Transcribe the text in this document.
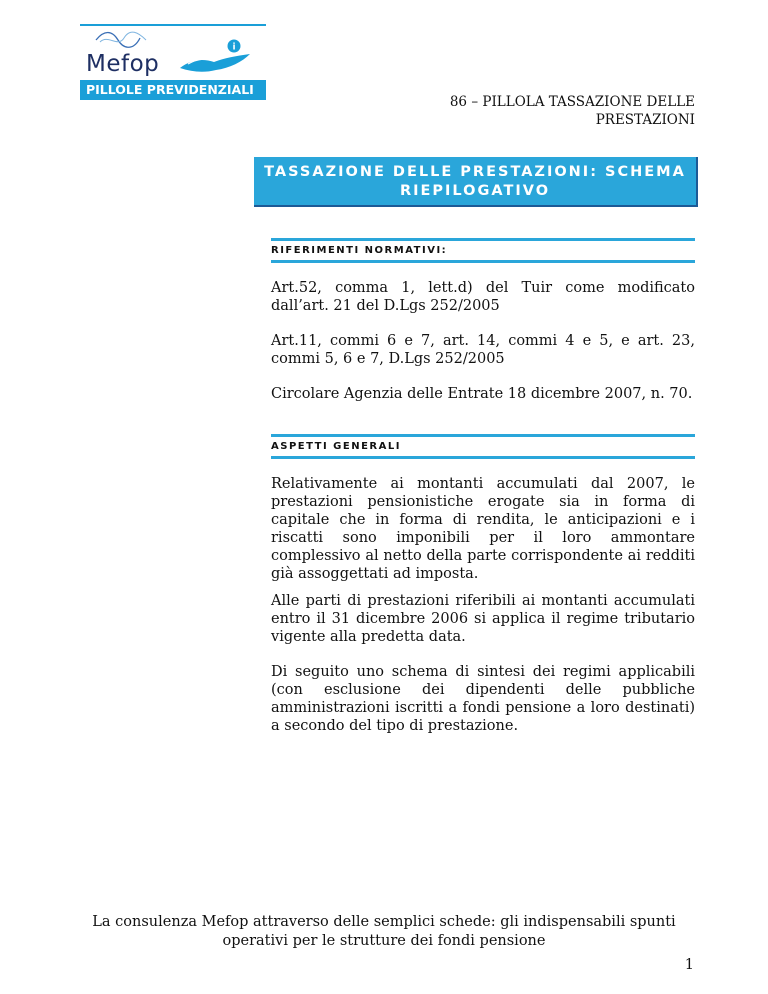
i
Mefop
PILLOLE PREVIDENZIALI
86 – PILLOLA TASSAZIONE DELLE
PRESTAZIONI
TASSAZIONE DELLE PRESTAZIONI: SCHEMA
RIEPILOGATIVO
RIFERIMENTI NORMATIVI:
Art.52, comma 1, lett.d) del Tuir come modificato dall’art. 21 del D.Lgs 252/2005
Art.11, commi 6 e 7, art. 14, commi 4 e 5, e art. 23, commi 5, 6 e 7, D.Lgs 252/2005
Circolare Agenzia delle Entrate 18 dicembre 2007, n. 70.
ASPETTI GENERALI
Relativamente ai montanti accumulati dal 2007, le prestazioni pensionistiche erogate sia in forma di capitale che in forma di rendita, le anticipazioni e i riscatti sono imponibili per il loro ammontare complessivo al netto della parte corrispondente ai redditi già assoggettati ad imposta.
Alle parti di prestazioni riferibili ai montanti accumulati entro il 31 dicembre 2006 si applica il regime tributario vigente alla predetta data.
Di seguito uno schema di sintesi dei regimi applicabili (con esclusione dei dipendenti delle pubbliche amministrazioni iscritti a fondi pensione a loro destinati) a secondo del tipo di prestazione.
La consulenza Mefop attraverso delle semplici schede: gli indispensabili spunti
operativi per le strutture dei fondi pensione
1
